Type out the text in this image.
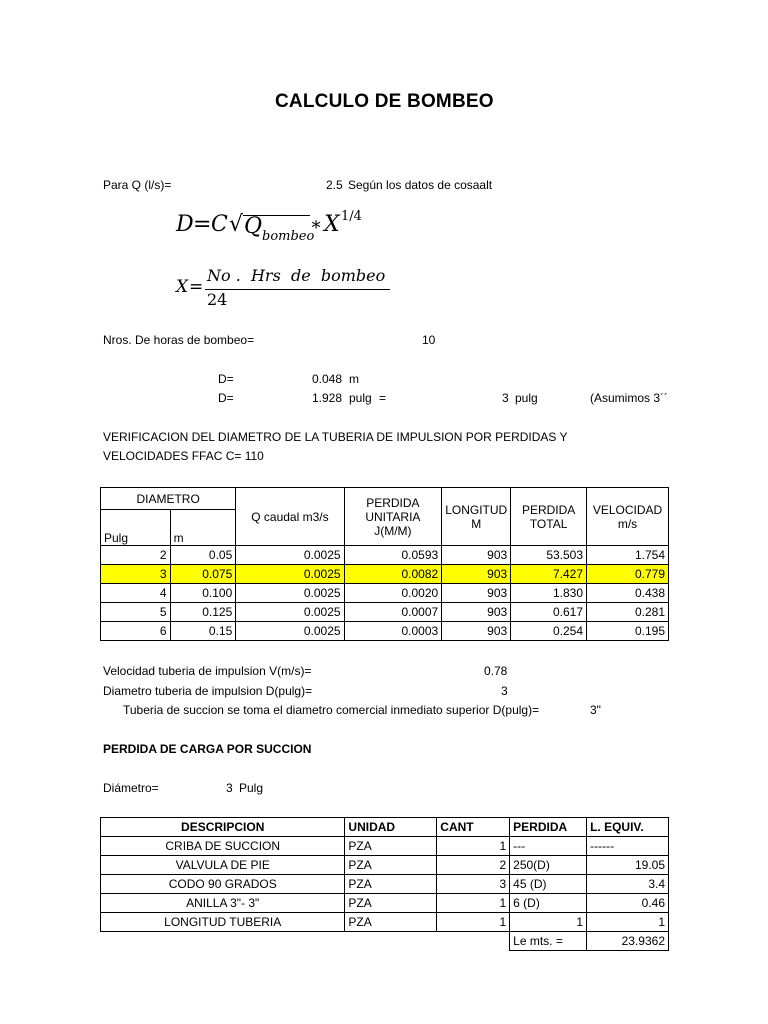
CALCULO DE BOMBEO
Para Q (l/s)=	2.5 Según los datos de cosaalt
D = C √ Q bombeo
∗ X 1/4
X =
No .  Hrs  de  bombeo
24
Nros. De horas de bombeo=	10
D=	0.048 m
D=	1.928 pulg =	3 pulg	(Asumimos 3´´
VERIFICACION DEL DIAMETRO DE LA TUBERIA DE IMPULSION POR PERDIDAS Y
VELOCIDADES FFAC C= 110
DIAMETRO		Q caudal m3/s	PERDIDA UNITARIA J(M/M)	LONGITUD M	PERDIDA TOTAL	VELOCIDAD m/s
Pulg	m					
2	0.05	0.0025	0.0593	903	53.503	1.754
3	0.075	0.0025	0.0082	903	7.427	0.779
4	0.100	0.0025	0.0020	903	1.830	0.438
5	0.125	0.0025	0.0007	903	0.617	0.281
6	0.15	0.0025	0.0003	903	0.254	0.195
Velocidad tuberia de impulsion V(m/s)=	0.78
Diametro tuberia de impulsion D(pulg)=	3
Tuberia de succion se toma el diametro comercial inmediato superior D(pulg)=	3"
PERDIDA DE CARGA POR SUCCION
Diámetro=	3 Pulg
DESCRIPCION	UNIDAD	CANT	PERDIDA	L. EQUIV.
CRIBA DE SUCCION	PZA	1	---	------
VALVULA DE PIE	PZA	2	250(D)	19.05
CODO 90 GRADOS	PZA	3	45 (D)	3.4
ANILLA 3"- 3"	PZA	1	6 (D)	0.46
LONGITUD TUBERIA	PZA	1	1	1
			Le mts. =	23.9362
